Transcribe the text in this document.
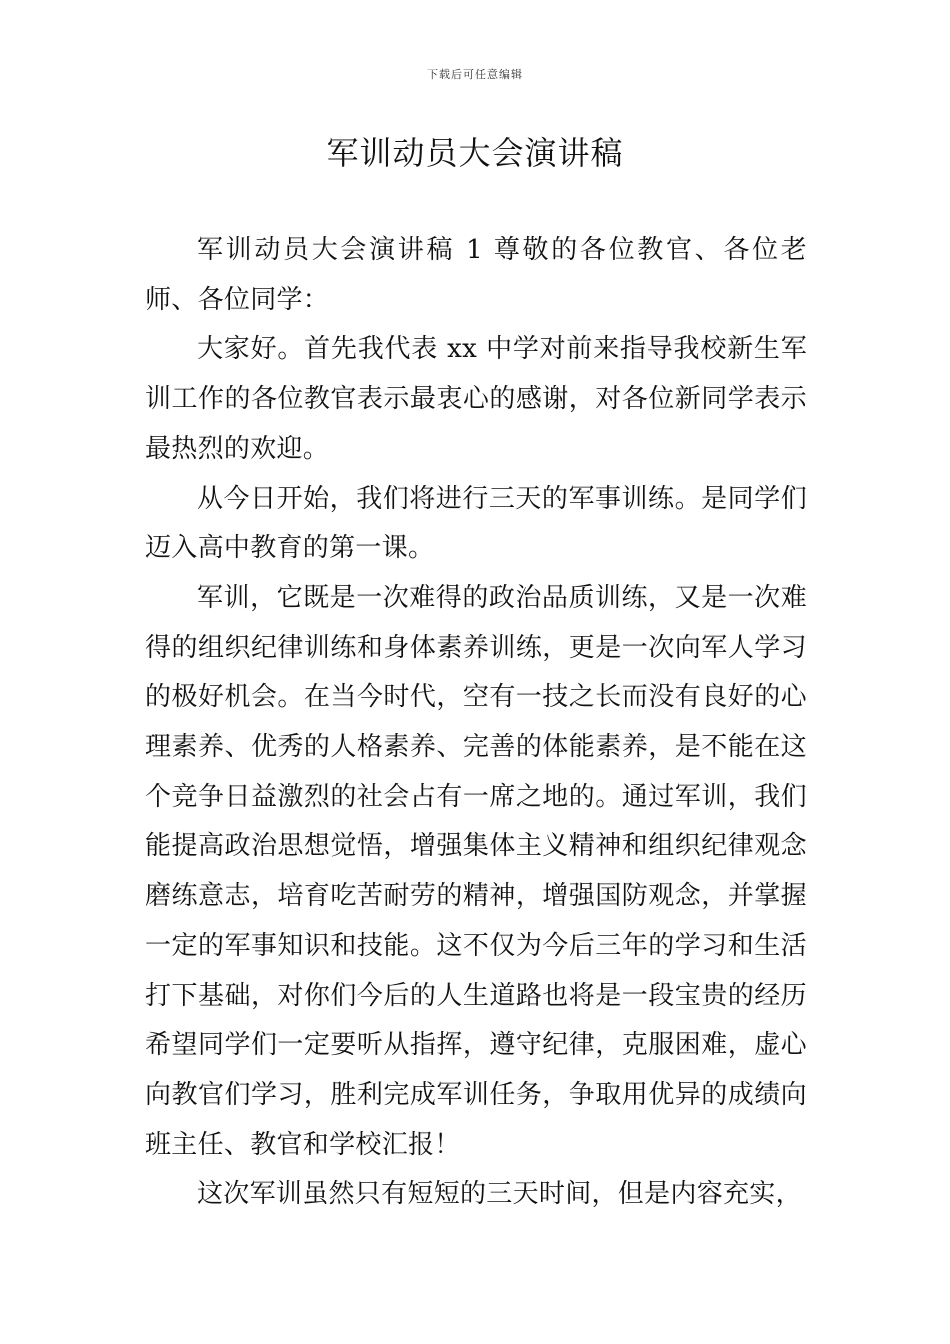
下载后可任意编辑
军训动员大会演讲稿

军训动员大会演讲稿 1 尊敬的各位教官、各位老师、各位同学：

大家好。首先我代表 xx 中学对前来指导我校新生军训工作的各位教官表示最衷心的感谢，对各位新同学表示最热烈的欢迎。

从今日开始，我们将进行三天的军事训练。是同学们迈入高中教育的第一课。

军训，它既是一次难得的政治品质训练，又是一次难得的组织纪律训练和身体素养训练，更是一次向军人学习的极好机会。在当今时代，空有一技之长而没有良好的心理素养、优秀的人格素养、完善的体能素养，是不能在这个竞争日益激烈的社会占有一席之地的。通过军训，我们能提高政治思想觉悟，增强集体主义精神和组织纪律观念磨练意志，培育吃苦耐劳的精神，增强国防观念，并掌握一定的军事知识和技能。这不仅为今后三年的学习和生活打下基础，对你们今后的人生道路也将是一段宝贵的经历希望同学们一定要听从指挥，遵守纪律，克服困难，虚心向教官们学习，胜利完成军训任务，争取用优异的成绩向班主任、教官和学校汇报！

这次军训虽然只有短短的三天时间，但是内容充实，
